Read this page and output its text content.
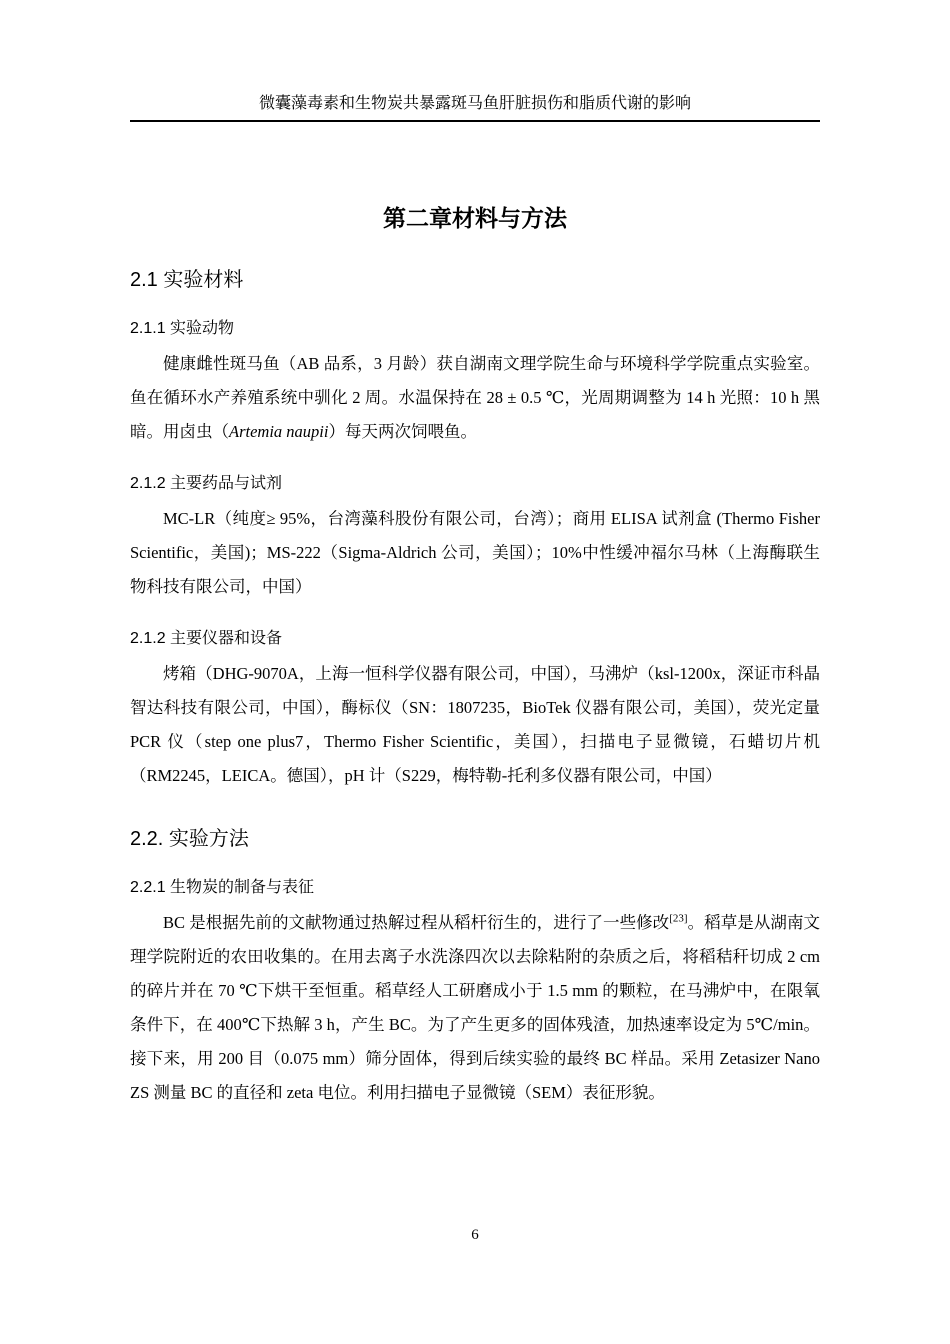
微囊藻毒素和生物炭共暴露斑马鱼肝脏损伤和脂质代谢的影响
第二章材料与方法
2.1 实验材料
2.1.1 实验动物

健康雌性斑马鱼（AB 品系，3 月龄）获自湖南文理学院生命与环境科学学院重点实验室。鱼在循环水产养殖系统中驯化 2 周。水温保持在 28 ± 0.5 ℃，光周期调整为 14 h 光照：10 h 黑暗。用卤虫（Artemia naupii）每天两次饲喂鱼。

2.1.2 主要药品与试剂

MC-LR（纯度≥ 95%，台湾藻科股份有限公司，台湾）；商用 ELISA 试剂盒 (Thermo Fisher Scientific，美国)；MS-222（Sigma-Aldrich 公司，美国）；10%中性缓冲福尔马林（上海酶联生物科技有限公司，中国）

2.1.2 主要仪器和设备

烤箱（DHG-9070A，上海一恒科学仪器有限公司，中国），马沸炉（ksl-1200x，深证市科晶智达科技有限公司，中国），酶标仪（SN：1807235，BioTek 仪器有限公司，美国），荧光定量 PCR 仪（step one plus7，Thermo Fisher Scientific，美国），扫描电子显微镜，石蜡切片机（RM2245，LEICA。德国），pH 计（S229，梅特勒-托利多仪器有限公司，中国）

2.2. 实验方法
2.2.1 生物炭的制备与表征

BC 是根据先前的文献物通过热解过程从稻杆衍生的，进行了一些修改[23]。稻草是从湖南文理学院附近的农田收集的。在用去离子水洗涤四次以去除粘附的杂质之后，将稻秸秆切成 2 cm 的碎片并在 70 ℃下烘干至恒重。稻草经人工研磨成小于 1.5 mm 的颗粒，在马沸炉中，在限氧条件下，在 400℃下热解 3 h，产生 BC。为了产生更多的固体残渣，加热速率设定为 5℃/min。接下来，用 200 目（0.075 mm）筛分固体，得到后续实验的最终 BC 样品。采用 Zetasizer Nano ZS 测量 BC 的直径和 zeta 电位。利用扫描电子显微镜（SEM）表征形貌。

6
